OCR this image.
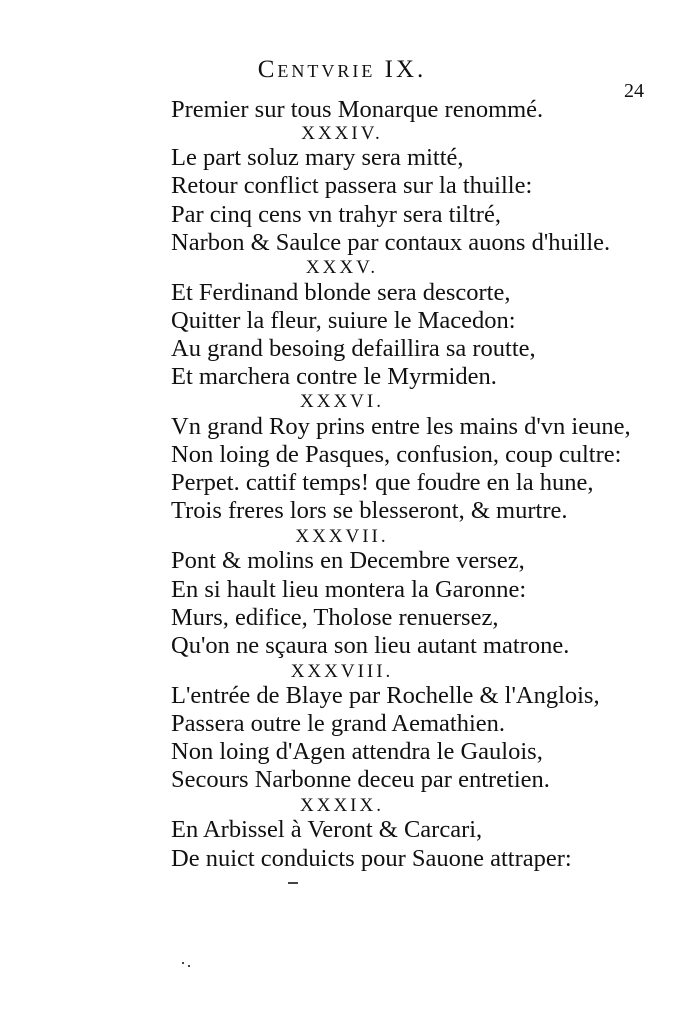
Centvrie IX.
24
Premier sur tous Monarque renommé.
XXXIV.
Le part soluz mary sera mitté,
Retour conflict passera sur la thuille:
Par cinq cens vn trahyr sera tiltré,
Narbon & Saulce par contaux auons d'huille.
XXXV.
Et Ferdinand blonde sera descorte,
Quitter la fleur, suiure le Macedon:
Au grand besoing defaillira sa routte,
Et marchera contre le Myrmiden.
XXXVI.
Vn grand Roy prins entre les mains d'vn ieune,
Non loing de Pasques, confusion, coup cultre:
Perpet. cattif temps! que foudre en la hune,
Trois freres lors se blesseront, & murtre.
XXXVII.
Pont & molins en Decembre versez,
En si hault lieu montera la Garonne:
Murs, edifice, Tholose renuersez,
Qu'on ne sçaura son lieu autant matrone.
XXXVIII.
L'entrée de Blaye par Rochelle & l'Anglois,
Passera outre le grand Aemathien.
Non loing d'Agen attendra le Gaulois,
Secours Narbonne deceu par entretien.
XXXIX.
En Arbissel à Veront & Carcari,
De nuict conduicts pour Sauone attraper:
